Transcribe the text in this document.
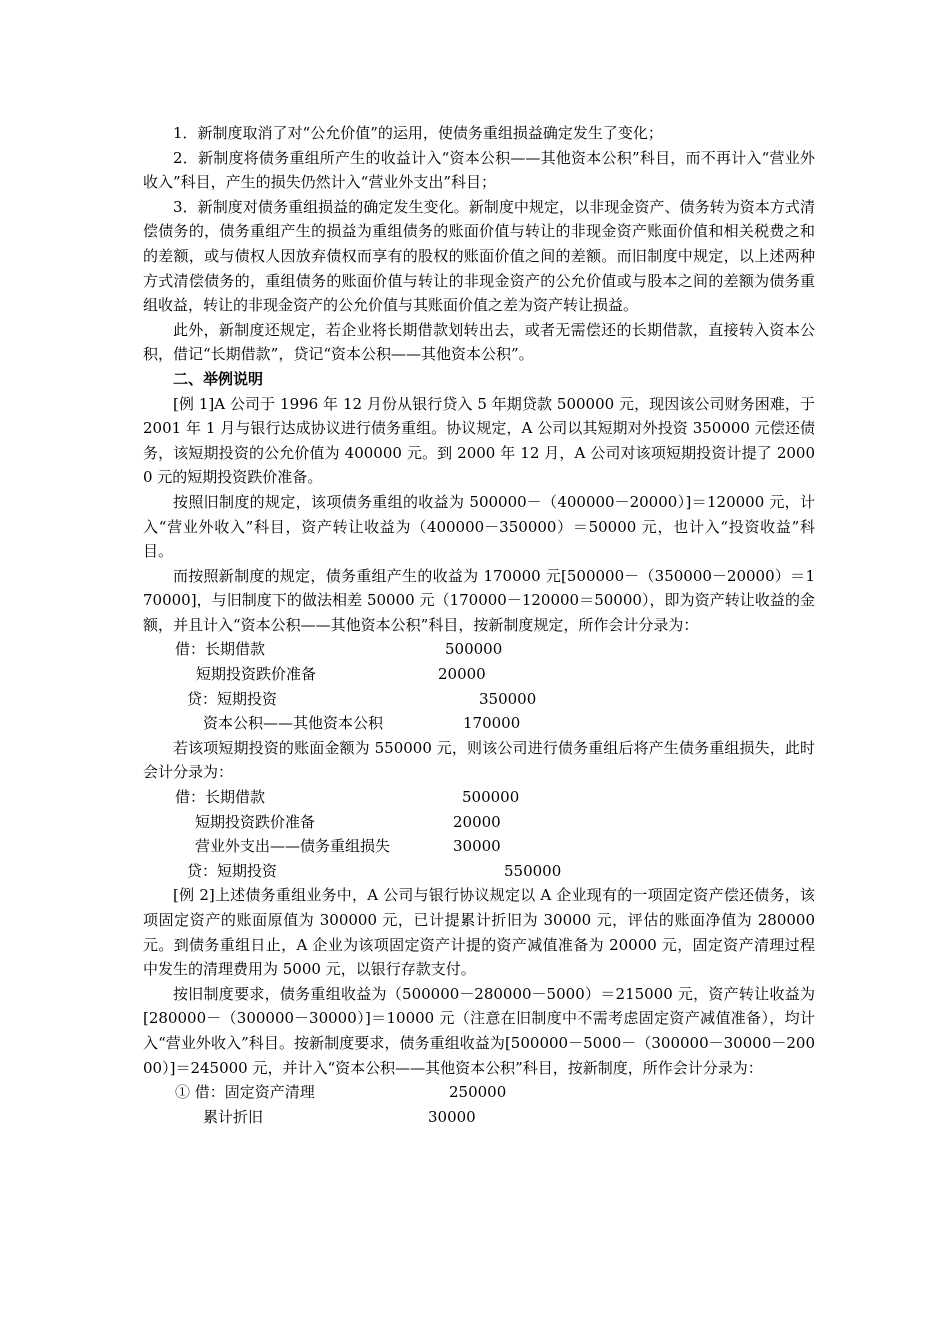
1．新制度取消了对“公允价值”的运用，使债务重组损益确定发生了变化；

2．新制度将债务重组所产生的收益计入“资本公积——其他资本公积”科目，而不再计入“营业外收入”科目，产生的损失仍然计入“营业外支出”科目；

3．新制度对债务重组损益的确定发生变化。新制度中规定，以非现金资产、债务转为资本方式清偿债务的，债务重组产生的损益为重组债务的账面价值与转让的非现金资产账面价值和相关税费之和的差额，或与债权人因放弃债权而享有的股权的账面价值之间的差额。而旧制度中规定，以上述两种方式清偿债务的，重组债务的账面价值与转让的非现金资产的公允价值或与股本之间的差额为债务重组收益，转让的非现金资产的公允价值与其账面价值之差为资产转让损益。

此外，新制度还规定，若企业将长期借款划转出去，或者无需偿还的长期借款，直接转入资本公积，借记“长期借款”，贷记“资本公积——其他资本公积”。

二、举例说明

[例 1]A 公司于 1996 年 12 月份从银行贷入 5 年期贷款 500000 元，现因该公司财务困难，于 2001 年 1 月与银行达成协议进行债务重组。协议规定，A 公司以其短期对外投资 350000 元偿还债务，该短期投资的公允价值为 400000 元。到 2000 年 12 月，A 公司对该项短期投资计提了 20000 元的短期投资跌价准备。

按照旧制度的规定，该项债务重组的收益为 500000－（400000－20000）]＝120000 元，计入“营业外收入”科目，资产转让收益为（400000－350000）＝50000 元，也计入“投资收益”科目。

而按照新制度的规定，债务重组产生的收益为 170000 元[500000－（350000－20000）＝170000]，与旧制度下的做法相差 50000 元（170000－120000＝50000），即为资产转让收益的金额，并且计入“资本公积——其他资本公积”科目，按新制度规定，所作会计分录为：

借：长期借款	500000
短期投资跌价准备	20000
贷：短期投资	350000
资本公积——其他资本公积	170000

若该项短期投资的账面金额为 550000 元，则该公司进行债务重组后将产生债务重组损失，此时会计分录为：

借：长期借款	500000
短期投资跌价准备	20000
营业外支出——债务重组损失	30000
贷：短期投资	550000

[例 2]上述债务重组业务中，A 公司与银行协议规定以 A 企业现有的一项固定资产偿还债务，该项固定资产的账面原值为 300000 元，已计提累计折旧为 30000 元，评估的账面净值为 280000 元。到债务重组日止，A 企业为该项固定资产计提的资产减值准备为 20000 元，固定资产清理过程中发生的清理费用为 5000 元，以银行存款支付。

按旧制度要求，债务重组收益为（500000－280000－5000）＝215000 元，资产转让收益为[280000－（300000－30000）]＝10000 元（注意在旧制度中不需考虑固定资产减值准备），均计入“营业外收入”科目。按新制度要求，债务重组收益为[500000－5000－（300000－30000－20000）]＝245000 元，并计入“资本公积——其他资本公积”科目，按新制度，所作会计分录为：

① 借：固定资产清理	250000
累计折旧	30000
